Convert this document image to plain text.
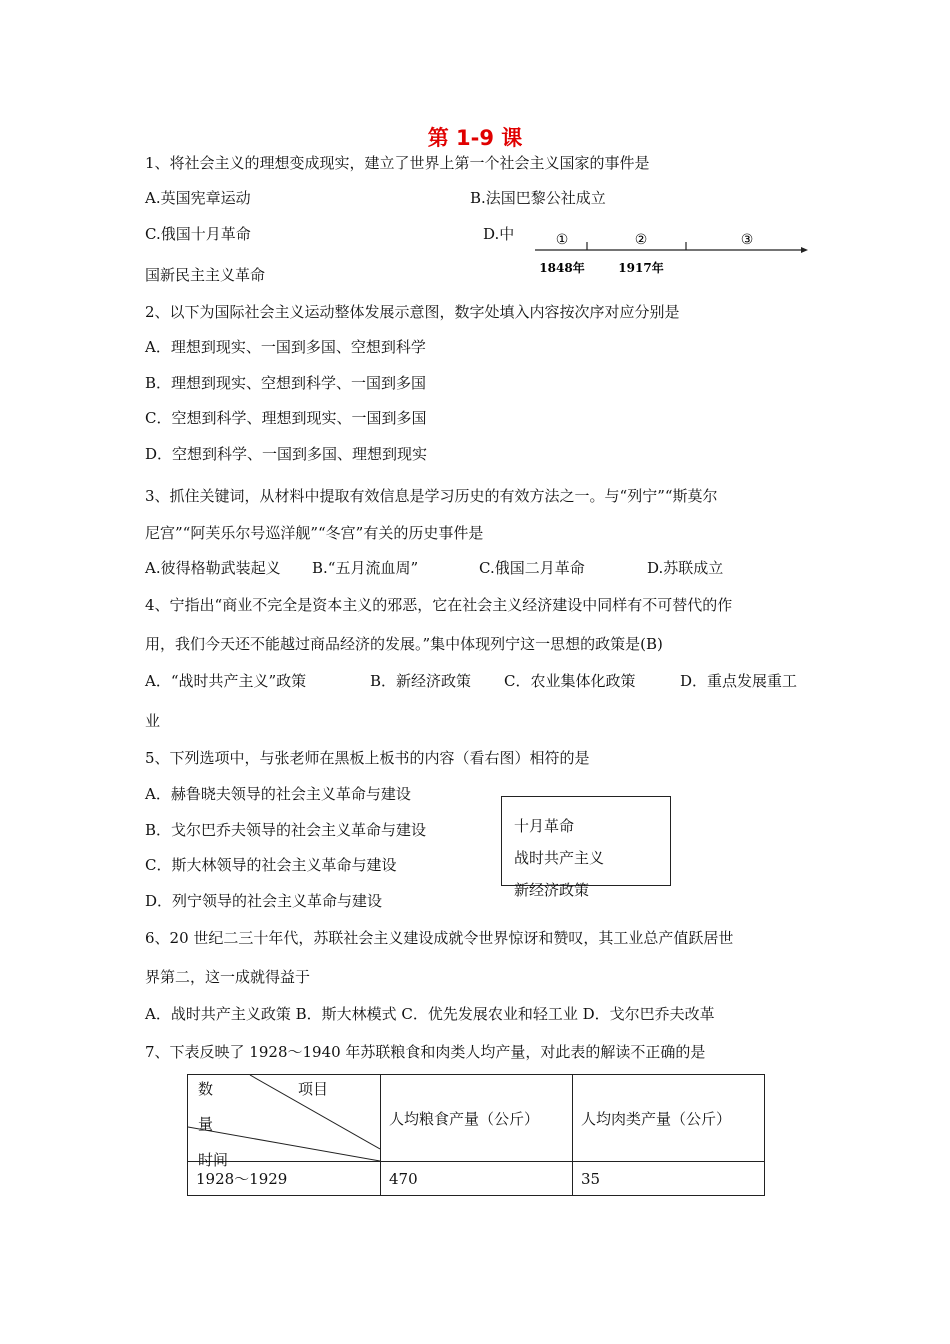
第 1-9 课
1、将社会主义的理想变成现实，建立了世界上第一个社会主义国家的事件是
A.英国宪章运动	B.法国巴黎公社成立
C.俄国十月革命	D.中
国新民主主义革命
①	②	③
1848年	1917年
2、以下为国际社会主义运动整体发展示意图，数字处填入内容按次序对应分别是
A．理想到现实、一国到多国、空想到科学
B．理想到现实、空想到科学、一国到多国
C．空想到科学、理想到现实、一国到多国
D．空想到科学、一国到多国、理想到现实
3、抓住关键词，从材料中提取有效信息是学习历史的有效方法之一。与“列宁”“斯莫尔
尼宫”“阿芙乐尔号巡洋舰”“冬宫”有关的历史事件是
A.彼得格勒武装起义 B.“五月流血周”	C.俄国二月革命	D.苏联成立
4、宁指出“商业不完全是资本主义的邪恶，它在社会主义经济建设中同样有不可替代的作
用，我们今天还不能越过商品经济的发展。”集中体现列宁这一思想的政策是(B)
A．“战时共产主义”政策	B．新经济政策 C．农业集体化政策	D．重点发展重工
业
5、下列选项中，与张老师在黑板上板书的内容（看右图）相符的是
A．赫鲁晓夫领导的社会主义革命与建设
B．戈尔巴乔夫领导的社会主义革命与建设
C．斯大林领导的社会主义革命与建设
D．列宁领导的社会主义革命与建设
十月革命
战时共产主义
新经济政策
6、20 世纪二三十年代，苏联社会主义建设成就令世界惊讶和赞叹，其工业总产值跃居世
界第二，这一成就得益于
A．战时共产主义政策 B．斯大林模式 C．优先发展农业和轻工业 D．戈尔巴乔夫改革
7、下表反映了 1928～1940 年苏联粮食和肉类人均产量，对此表的解读不正确的是
数 项目
量
时间	人均粮食产量（公斤）	人均肉类产量（公斤）
1928～1929	470	35
